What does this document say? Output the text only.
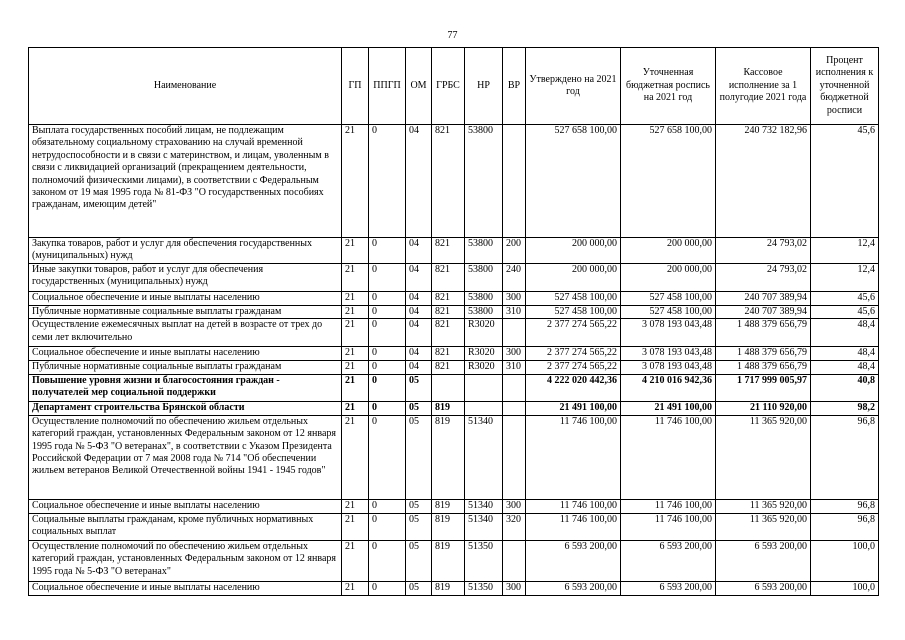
77
Наименование	ГП	ППГП	ОМ	ГРБС	НР	ВР	Утверждено на 2021 год	Уточненная бюджетная роспись на 2021 год	Кассовое исполнение за 1 полугодие 2021 года	Процент исполнения к уточненной бюджетной росписи
Выплата государственных пособий лицам, не подлежащим обязательному социальному страхованию на случай временной нетрудоспособности и в связи с материнством, и лицам, уволенным в связи с ликвидацией организаций (прекращением деятельности, полномочий физическими лицами), в соответствии с Федеральным законом от 19 мая 1995 года № 81-ФЗ "О государственных пособиях гражданам, имеющим детей"	21	0	04	821	53800		527 658 100,00	527 658 100,00	240 732 182,96	45,6
Закупка товаров, работ и услуг для обеспечения государственных (муниципальных) нужд	21	0	04	821	53800	200	200 000,00	200 000,00	24 793,02	12,4
Иные закупки товаров, работ и услуг для обеспечения государственных (муниципальных) нужд	21	0	04	821	53800	240	200 000,00	200 000,00	24 793,02	12,4
Социальное обеспечение и иные выплаты населению	21	0	04	821	53800	300	527 458 100,00	527 458 100,00	240 707 389,94	45,6
Публичные нормативные социальные выплаты гражданам	21	0	04	821	53800	310	527 458 100,00	527 458 100,00	240 707 389,94	45,6
Осуществление ежемесячных выплат на детей в возрасте от трех до семи лет включительно	21	0	04	821	R3020		2 377 274 565,22	3 078 193 043,48	1 488 379 656,79	48,4
Социальное обеспечение и иные выплаты населению	21	0	04	821	R3020	300	2 377 274 565,22	3 078 193 043,48	1 488 379 656,79	48,4
Публичные нормативные социальные выплаты гражданам	21	0	04	821	R3020	310	2 377 274 565,22	3 078 193 043,48	1 488 379 656,79	48,4
Повышение уровня жизни и благосостояния граждан - получателей мер социальной поддержки	21	0	05				4 222 020 442,36	4 210 016 942,36	1 717 999 005,97	40,8
Департамент строительства Брянской области	21	0	05	819			21 491 100,00	21 491 100,00	21 110 920,00	98,2
Осуществление полномочий по обеспечению жильем отдельных категорий граждан, установленных Федеральным законом от 12 января 1995 года № 5-ФЗ "О ветеранах", в соответствии с Указом Президента Российской Федерации от 7 мая 2008 года № 714 "Об обеспечении жильем ветеранов Великой Отечественной войны 1941 - 1945 годов"	21	0	05	819	51340		11 746 100,00	11 746 100,00	11 365 920,00	96,8
Социальное обеспечение и иные выплаты населению	21	0	05	819	51340	300	11 746 100,00	11 746 100,00	11 365 920,00	96,8
Социальные выплаты гражданам, кроме публичных нормативных социальных выплат	21	0	05	819	51340	320	11 746 100,00	11 746 100,00	11 365 920,00	96,8
Осуществление полномочий по обеспечению жильем отдельных категорий граждан, установленных Федеральным законом от 12 января 1995 года № 5-ФЗ "О ветеранах"	21	0	05	819	51350		6 593 200,00	6 593 200,00	6 593 200,00	100,0
Социальное обеспечение и иные выплаты населению	21	0	05	819	51350	300	6 593 200,00	6 593 200,00	6 593 200,00	100,0
